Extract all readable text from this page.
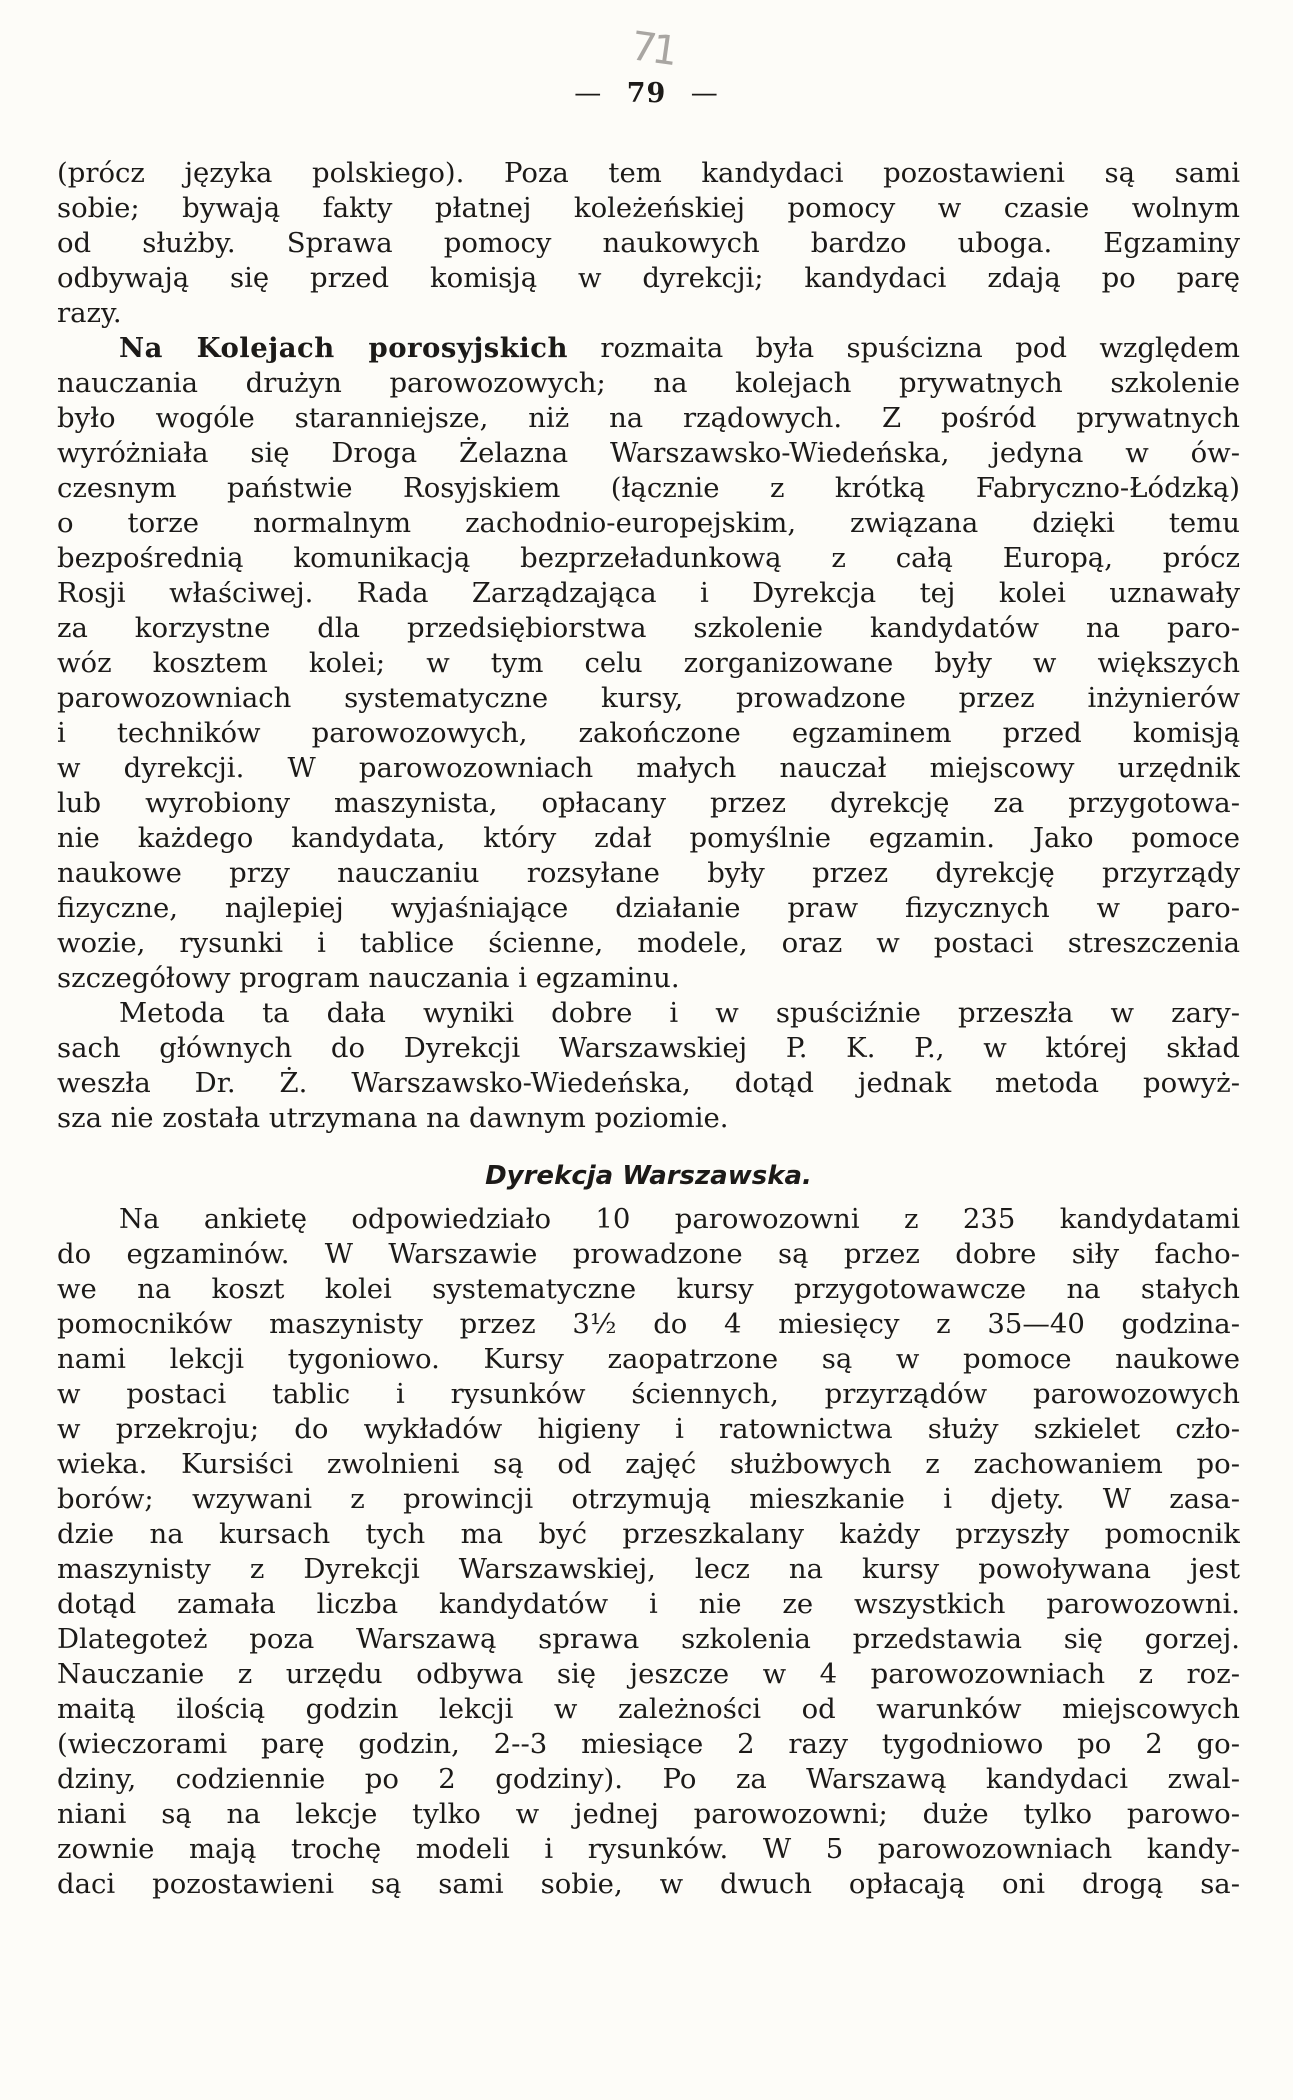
—
71
79 —
(prócz języka polskiego). Poza tem kandydaci pozostawieni są sami
sobie; bywają fakty płatnej koleżeńskiej pomocy w czasie wolnym
od służby. Sprawa pomocy naukowych bardzo uboga. Egzaminy
odbywają się przed komisją w dyrekcji; kandydaci zdają po parę
razy.
Na Kolejach porosyjskich rozmaita była spuścizna pod względem
nauczania drużyn parowozowych; na kolejach prywatnych szkolenie
było wogóle staranniejsze, niż na rządowych. Z pośród prywatnych
wyróżniała się Droga Żelazna Warszawsko-Wiedeńska, jedyna w ów-
czesnym państwie Rosyjskiem (łącznie z krótką Fabryczno-Łódzką)
o torze normalnym zachodnio-europejskim, związana dzięki temu
bezpośrednią komunikacją bezprzeładunkową z całą Europą, prócz
Rosji właściwej. Rada Zarządzająca i Dyrekcja tej kolei uznawały
za korzystne dla przedsiębiorstwa szkolenie kandydatów na paro-
wóz kosztem kolei; w tym celu zorganizowane były w większych
parowozowniach systematyczne kursy, prowadzone przez inżynierów
i techników parowozowych, zakończone egzaminem przed komisją
w dyrekcji. W parowozowniach małych nauczał miejscowy urzędnik
lub wyrobiony maszynista, opłacany przez dyrekcję za przygotowa-
nie każdego kandydata, który zdał pomyślnie egzamin. Jako pomoce
naukowe przy nauczaniu rozsyłane były przez dyrekcję przyrządy
fizyczne, najlepiej wyjaśniające działanie praw fizycznych w paro-
wozie, rysunki i tablice ścienne, modele, oraz w postaci streszczenia
szczegółowy program nauczania i egzaminu.
Metoda ta dała wyniki dobre i w spuściźnie przeszła w zary-
sach głównych do Dyrekcji Warszawskiej P. K. P., w której skład
weszła Dr. Ż. Warszawsko-Wiedeńska, dotąd jednak metoda powyż-
sza nie została utrzymana na dawnym poziomie.
Dyrekcja Warszawska.
Na ankietę odpowiedziało 10 parowozowni z 235 kandydatami
do egzaminów. W Warszawie prowadzone są przez dobre siły facho-
we na koszt kolei systematyczne kursy przygotowawcze na stałych
pomocników maszynisty przez 3½ do 4 miesięcy z 35—40 godzina-
nami lekcji tygoniowo. Kursy zaopatrzone są w pomoce naukowe
w postaci tablic i rysunków ściennych, przyrządów parowozowych
w przekroju; do wykładów higieny i ratownictwa służy szkielet czło-
wieka. Kursiści zwolnieni są od zajęć służbowych z zachowaniem po-
borów; wzywani z prowincji otrzymują mieszkanie i djety. W zasa-
dzie na kursach tych ma być przeszkalany każdy przyszły pomocnik
maszynisty z Dyrekcji Warszawskiej, lecz na kursy powoływana jest
dotąd zamała liczba kandydatów i nie ze wszystkich parowozowni.
Dlategoteż poza Warszawą sprawa szkolenia przedstawia się gorzej.
Nauczanie z urzędu odbywa się jeszcze w 4 parowozowniach z roz-
maitą ilością godzin lekcji w zależności od warunków miejscowych
(wieczorami parę godzin, 2--3 miesiące 2 razy tygodniowo po 2 go-
dziny, codziennie po 2 godziny). Po za Warszawą kandydaci zwal-
niani są na lekcje tylko w jednej parowozowni; duże tylko parowo-
zownie mają trochę modeli i rysunków. W 5 parowozowniach kandy-
daci pozostawieni są sami sobie, w dwuch opłacają oni drogą sa-
